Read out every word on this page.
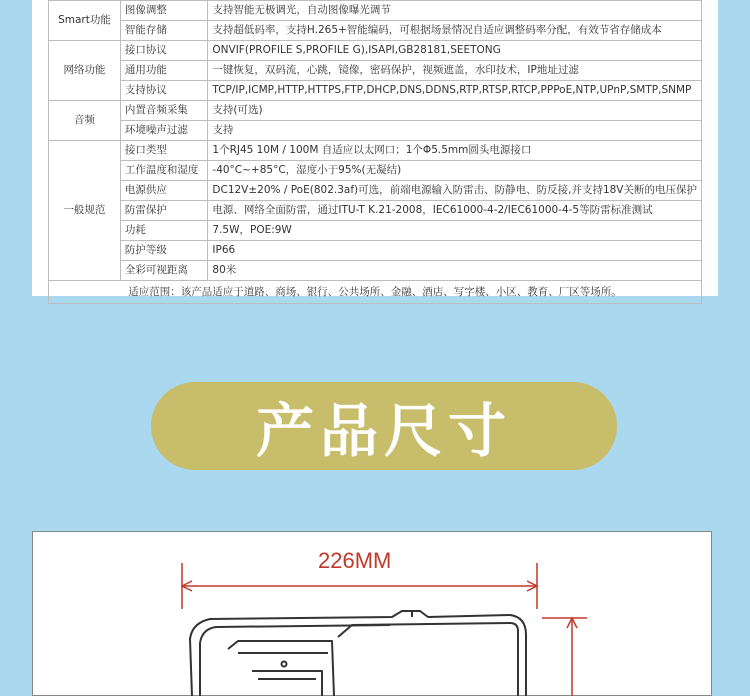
Smart功能	图像调整	支持智能无极调光，自动图像曝光调节
	智能存储	支持超低码率，支持H.265+智能编码，可根据场景情况自适应调整码率分配，有效节省存储成本
网络功能	接口协议	ONVIF(PROFILE S,PROFILE G),ISAPI,GB28181,SEETONG
	通用功能	一键恢复，双码流，心跳，镜像，密码保护，视频遮盖，水印技术，IP地址过滤
	支持协议	TCP/IP,ICMP,HTTP,HTTPS,FTP,DHCP,DNS,DDNS,RTP,RTSP,RTCP,PPPoE,NTP,UPnP,SMTP,SNMP
音频	内置音频采集	支持(可选)
	环境噪声过滤	支持
一般规范	接口类型	1个RJ45 10M / 100M 自适应以太网口；1个Φ5.5mm圆头电源接口
	工作温度和湿度	-40°C~+85°C，湿度小于95%(无凝结)
	电源供应	DC12V±20% / PoE(802.3af)可选，前端电源输入防雷击、防静电、防反接,并支持18V关断的电压保护
	防雷保护	电源、网络全面防雷，通过ITU-T K.21-2008，IEC61000-4-2/IEC61000-4-5等防雷标准测试
	功耗	7.5W，POE:9W
	防护等级	IP66
	全彩可视距离	80米
适应范围：该产品适应于道路、商场、银行、公共场所、金融、酒店、写字楼、小区、教育、厂区等场所。		
产品尺寸
226MM
